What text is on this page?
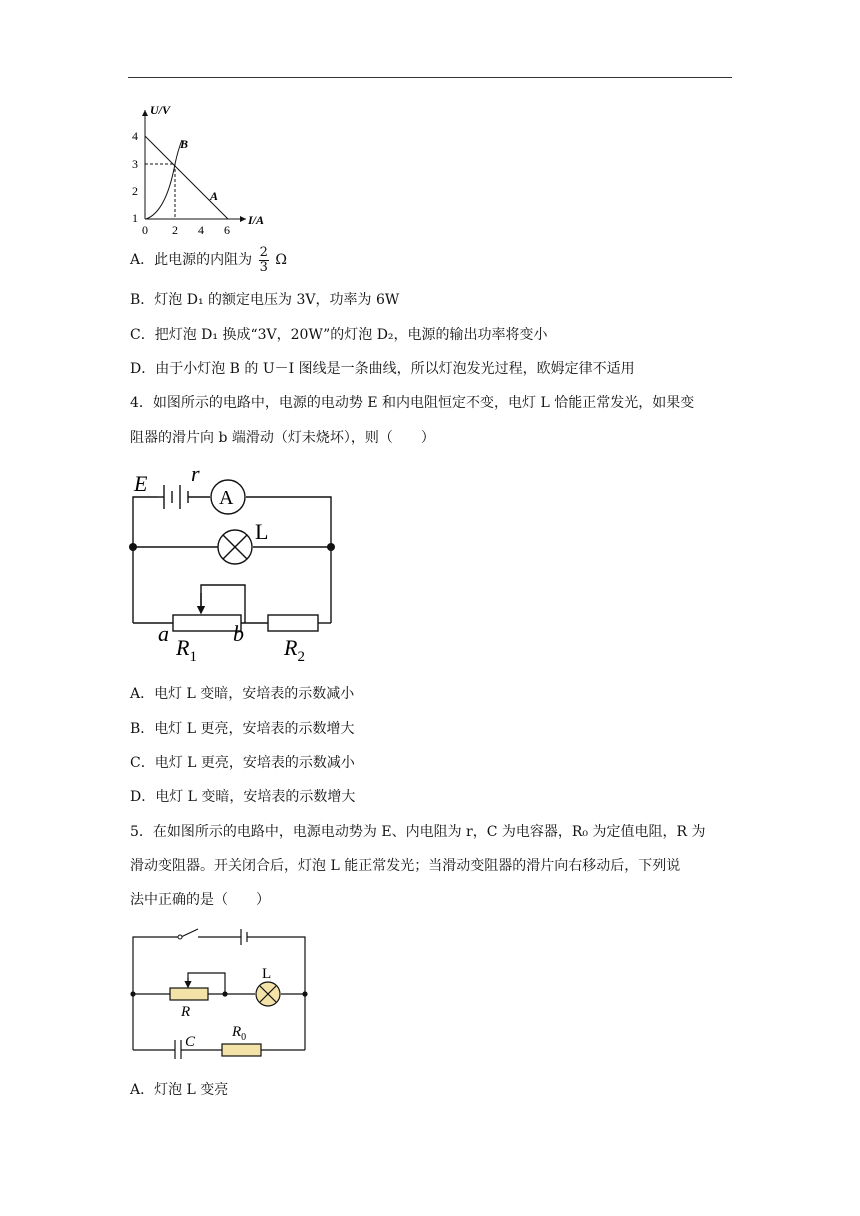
U/V
I/A
4
3
2
1
0 2 4 6
B
A
A．此电源的内阻为 $\frac{2}{3}$ Ω
B．灯泡 D₁ 的额定电压为 3V，功率为 6W
C．把灯泡 D₁ 换成“3V，20W”的灯泡 D₂，电源的输出功率将变小
D．由于小灯泡 B 的 U－I 图线是一条曲线，所以灯泡发光过程，欧姆定律不适用
4．如图所示的电路中，电源的电动势 E 和内电阻恒定不变，电灯 L 恰能正常发光，如果变
阻器的滑片向 b 端滑动（灯未烧坏），则（　　）
A
E r
L
a	b
$R_1$	$R_2$
A．电灯 L 变暗，安培表的示数减小
B．电灯 L 更亮，安培表的示数增大
C．电灯 L 更亮，安培表的示数减小
D．电灯 L 变暗，安培表的示数增大
5．在如图所示的电路中，电源电动势为 E、内电阻为 r，C 为电容器，R₀ 为定值电阻，R 为
滑动变阻器。开关闭合后，灯泡 L 能正常发光；当滑动变阻器的滑片向右移动后，下列说
法中正确的是（　　）
L
R
C
$R_0$
A．灯泡 L 变亮
